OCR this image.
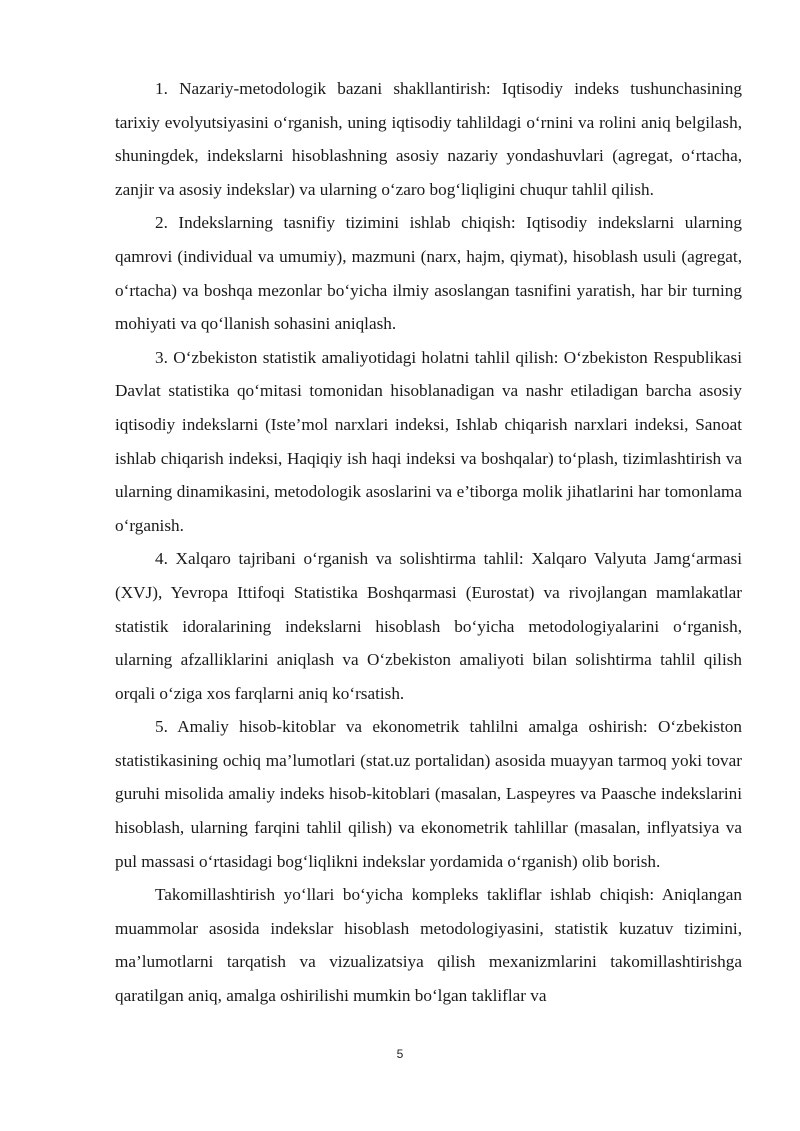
1. Nazariy-metodologik bazani shakllantirish: Iqtisodiy indeks tushunchasining tarixiy evolyutsiyasini o‘rganish, uning iqtisodiy tahlildagi o‘rnini va rolini aniq belgilash, shuningdek, indekslarni hisoblashning asosiy nazariy yondashuvlari (agregat, o‘rtacha, zanjir va asosiy indekslar) va ularning o‘zaro bog‘liqligini chuqur tahlil qilish.

2. Indekslarning tasnifiy tizimini ishlab chiqish: Iqtisodiy indekslarni ularning qamrovi (individual va umumiy), mazmuni (narx, hajm, qiymat), hisoblash usuli (agregat, o‘rtacha) va boshqa mezonlar bo‘yicha ilmiy asoslangan tasnifini yaratish, har bir turning mohiyati va qo‘llanish sohasini aniqlash.

3. O‘zbekiston statistik amaliyotidagi holatni tahlil qilish: O‘zbekiston Respublikasi Davlat statistika qo‘mitasi tomonidan hisoblanadigan va nashr etiladigan barcha asosiy iqtisodiy indekslarni (Iste’mol narxlari indeksi, Ishlab chiqarish narxlari indeksi, Sanoat ishlab chiqarish indeksi, Haqiqiy ish haqi indeksi va boshqalar) to‘plash, tizimlashtirish va ularning dinamikasini, metodologik asoslarini va e’tiborga molik jihatlarini har tomonlama o‘rganish.

4. Xalqaro tajribani o‘rganish va solishtirma tahlil: Xalqaro Valyuta Jamg‘armasi (XVJ), Yevropa Ittifoqi Statistika Boshqarmasi (Eurostat) va rivojlangan mamlakatlar statistik idoralarining indekslarni hisoblash bo‘yicha metodologiyalarini o‘rganish, ularning afzalliklarini aniqlash va O‘zbekiston amaliyoti bilan solishtirma tahlil qilish orqali o‘ziga xos farqlarni aniq ko‘rsatish.

5. Amaliy hisob-kitoblar va ekonometrik tahlilni amalga oshirish: O‘zbekiston statistikasining ochiq ma’lumotlari (stat.uz portalidan) asosida muayyan tarmoq yoki tovar guruhi misolida amaliy indeks hisob-kitoblari (masalan, Laspeyres va Paasche indekslarini hisoblash, ularning farqini tahlil qilish) va ekonometrik tahlillar (masalan, inflyatsiya va pul massasi o‘rtasidagi bog‘liqlikni indekslar yordamida o‘rganish) olib borish.

Takomillashtirish yo‘llari bo‘yicha kompleks takliflar ishlab chiqish: Aniqlangan muammolar asosida indekslar hisoblash metodologiyasini, statistik kuzatuv tizimini, ma’lumotlarni tarqatish va vizualizatsiya qilish mexanizmlarini takomillashtirishga qaratilgan aniq, amalga oshirilishi mumkin bo‘lgan takliflar va

5
